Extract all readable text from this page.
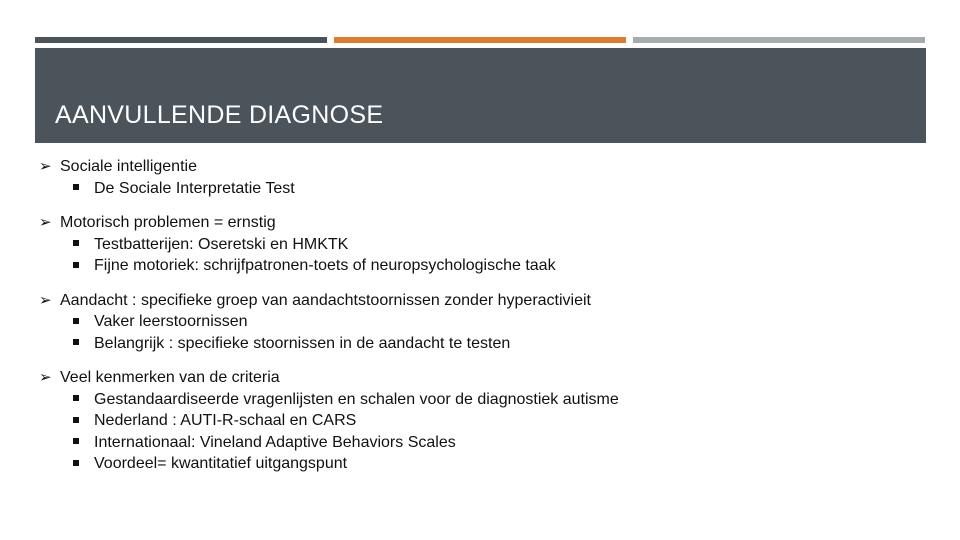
AANVULLENDE DIAGNOSE
➢ Sociale intelligentie
De Sociale Interpretatie Test
➢ Motorisch problemen = ernstig
Testbatterijen: Oseretski en HMKTK
Fijne motoriek: schrijfpatronen-toets of neuropsychologische taak
➢ Aandacht : specifieke groep van aandachtstoornissen zonder hyperactivieit
Vaker leerstoornissen
Belangrijk : specifieke stoornissen in de aandacht te testen
➢ Veel kenmerken van de criteria
Gestandaardiseerde vragenlijsten en schalen voor de diagnostiek autisme
Nederland : AUTI-R-schaal en CARS
Internationaal: Vineland Adaptive Behaviors Scales
Voordeel= kwantitatief uitgangspunt
